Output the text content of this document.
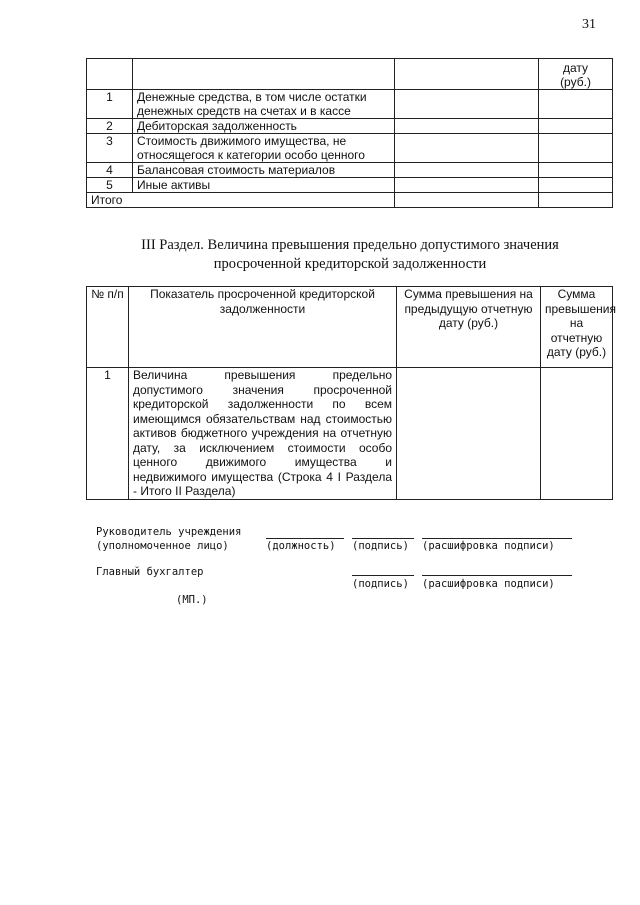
31

			дату
(руб.)

1	Денежные средства, в том числе остатки денежных средств на счетах и в кассе		
2	Дебиторская задолженность		
3	Стоимость движимого имущества, не относящегося к категории особо ценного		
4	Балансовая стоимость материалов		
5	Иные активы		
Итого			
III Раздел. Величина превышения предельно допустимого значения
просроченной кредиторской задолженности
№ п/п	Показатель просроченной кредиторской задолженности	Сумма превышения на предыдущую отчетную дату (руб.)	Сумма превышения на отчетную дату (руб.)
1	Величина превышения предельно допустимого значения просроченной кредиторской задолженности по всем имеющимся обязательствам над стоимостью активов бюджетного учреждения на отчетную дату, за исключением стоимости особо ценного движимого имущества и недвижимого имущества (Строка 4 I Раздела - Итого II Раздела)		
Руководитель учреждения
(уполномоченное лицо)	(должность) (подпись) (расшифровка подписи)
Главный бухгалтер
(подпись) (расшифровка подписи)
(МП.)
